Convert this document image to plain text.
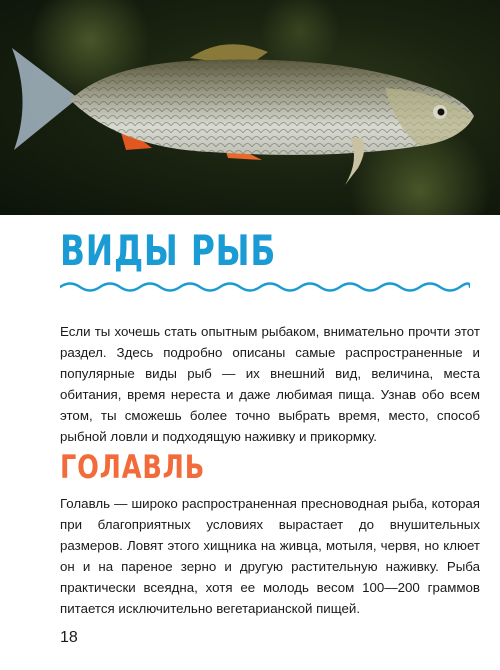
ВИДЫ РЫБ

Если ты хочешь стать опытным рыбаком, внимательно прочти этот раздел. Здесь подробно описаны самые распространенные и популярные виды рыб — их внешний вид, величина, места обитания, время нереста и даже любимая пища. Узнав обо всем этом, ты сможешь более точно выбрать время, место, способ рыбной ловли и подходящую наживку и прикормку.

ГОЛАВЛЬ

Голавль — широко распространенная пресноводная рыба, которая при благоприятных условиях вырастает до внушительных размеров. Ловят этого хищника на живца, мотыля, червя, но клюет он и на пареное зерно и другую растительную наживку. Рыба практически всеядна, хотя ее молодь весом 100—200 граммов питается исключительно вегетарианской пищей.

18
